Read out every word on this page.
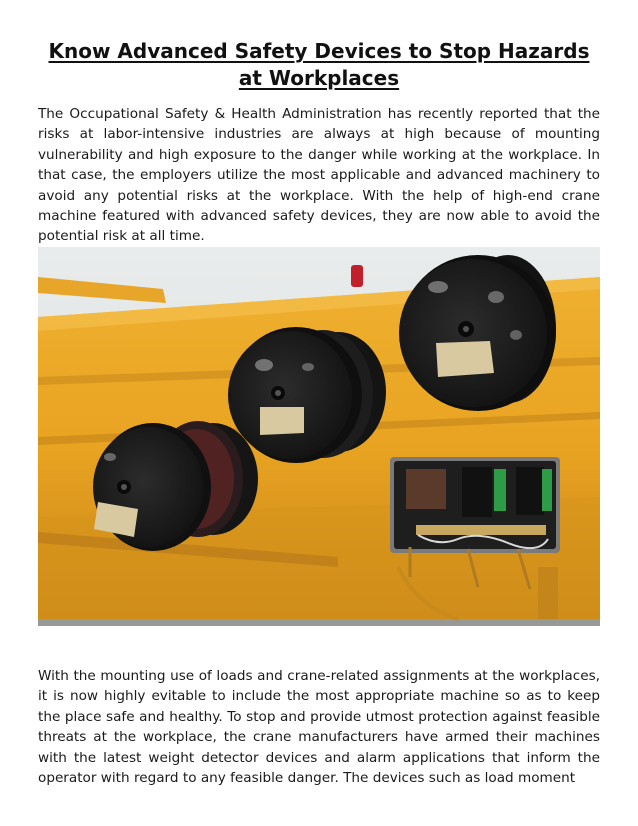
Know Advanced Safety Devices to Stop Hazards
at Workplaces

The Occupational Safety & Health Administration has recently reported that the risks at labor-intensive industries are always at high because of mounting vulnerability and high exposure to the danger while working at the workplace. In that case, the employers utilize the most applicable and advanced machinery to avoid any potential risks at the workplace. With the help of high-end crane machine featured with advanced safety devices, they are now able to avoid the potential risk at all time.

With the mounting use of loads and crane-related assignments at the workplaces, it is now highly evitable to include the most appropriate machine so as to keep the place safe and healthy. To stop and provide utmost protection against feasible threats at the workplace, the crane manufacturers have armed their machines with the latest weight detector devices and alarm applications that inform the operator with regard to any feasible danger. The devices such as load moment
